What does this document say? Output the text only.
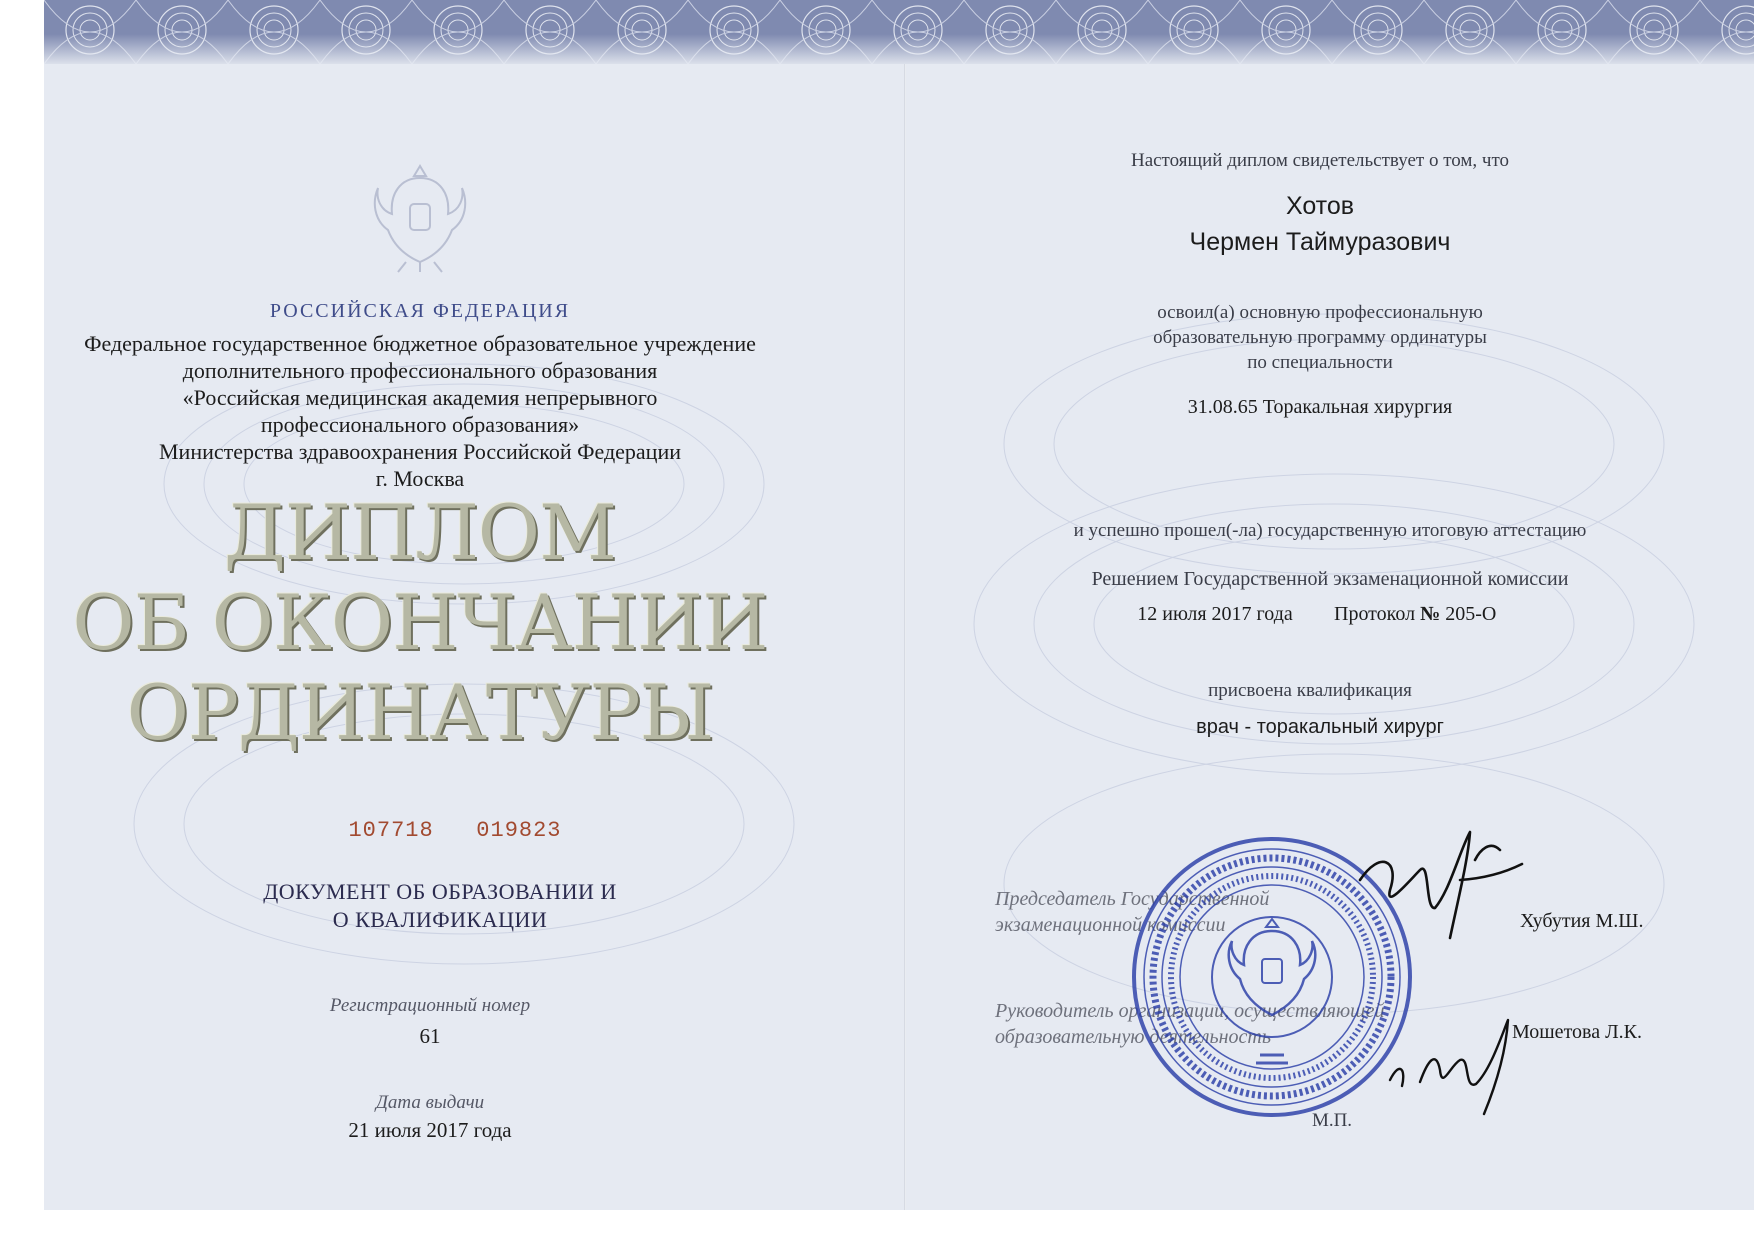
РОССИЙСКАЯ ФЕДЕРАЦИЯ
Федеральное государственное бюджетное образовательное учреждение
дополнительного профессионального образования
«Российская медицинская академия непрерывного
профессионального образования»
Министерства здравоохранения Российской Федерации
г. Москва
ДИПЛОМ
ОБ ОКОНЧАНИИ
ОРДИНАТУРЫ
107718 019823
ДОКУМЕНТ ОБ ОБРАЗОВАНИИ И
О КВАЛИФИКАЦИИ
Регистрационный номер
61
Дата выдачи
21 июля 2017 года
Настоящий диплом свидетельствует о том, что
Хотов
Чермен Таймуразович
освоил(а) основную профессиональную
образовательную программу ординатуры
по специальности
31.08.65 Торакальная хирургия
и успешно прошел(-ла) государственную итоговую аттестацию
Решением Государственной экзаменационной комиссии
12 июля 2017 года	Протокол № 205-О
присвоена квалификация
врач - торакальный хирург
Председатель Государственной
экзаменационной комиссии	Хубутия М.Ш.
Руководитель организации, осуществляющей
образовательную деятельность	Мошетова Л.К.
М.П.
